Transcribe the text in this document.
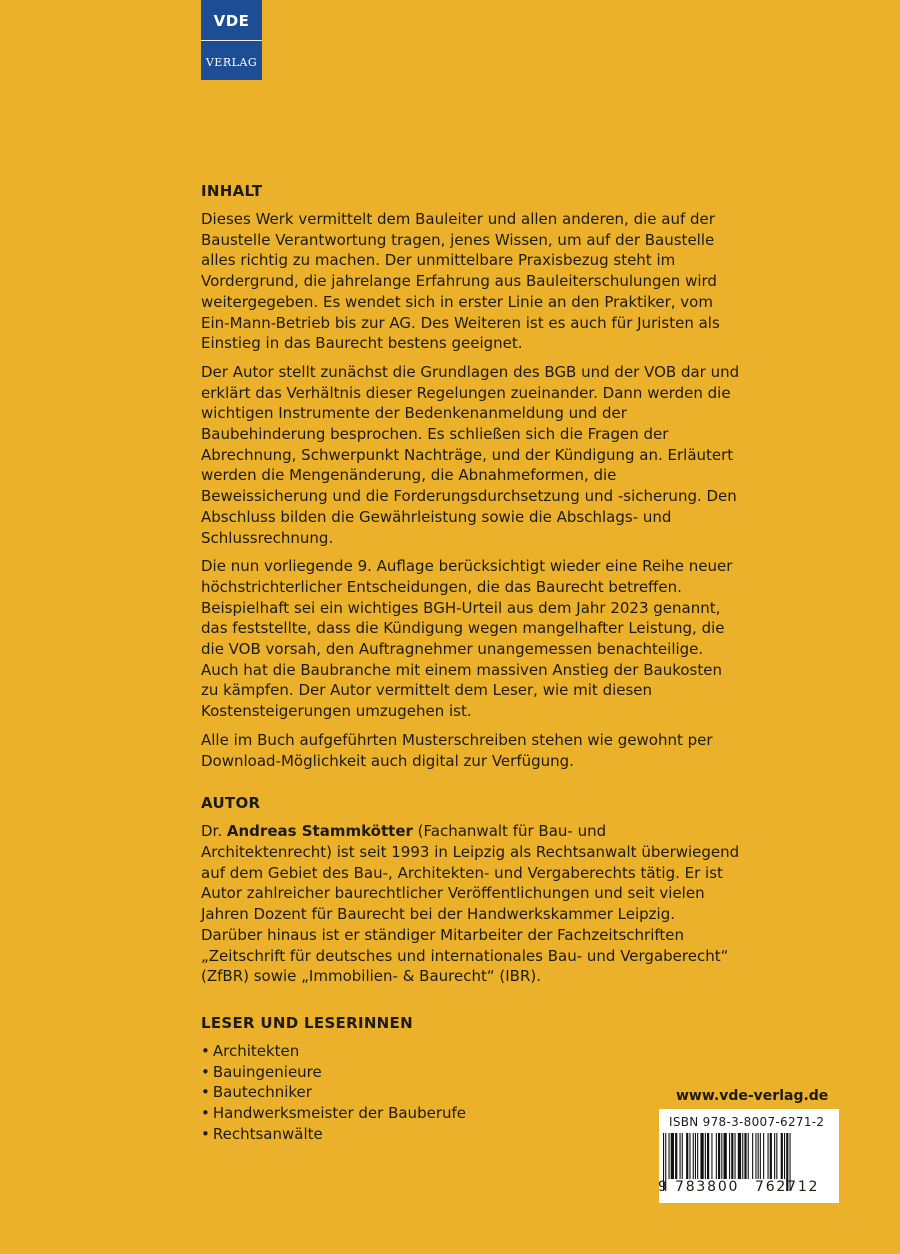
VDE
VERLAG
INHALT

Dieses Werk vermittelt dem Bauleiter und allen anderen, die auf der Baustelle Verantwortung tragen, jenes Wissen, um auf der Baustelle alles richtig zu machen. Der unmittelbare Praxisbezug steht im Vordergrund, die jahrelange Erfahrung aus Bauleiterschulungen wird weitergegeben. Es wendet sich in erster Linie an den Praktiker, vom Ein-Mann-Betrieb bis zur AG. Des Weiteren ist es auch für Juristen als Einstieg in das Baurecht bestens geeignet.

Der Autor stellt zunächst die Grundlagen des BGB und der VOB dar und erklärt das Verhältnis dieser Regelungen zueinander. Dann werden die wichtigen Instrumente der Bedenkenanmeldung und der Baubehinderung besprochen. Es schließen sich die Fragen der Abrechnung, Schwerpunkt Nachträge, und der Kündigung an. Erläutert werden die Mengenänderung, die Abnahmeformen, die Beweissicherung und die Forderungsdurchsetzung und -sicherung. Den Abschluss bilden die Gewährleistung sowie die Abschlags- und Schlussrechnung.

Die nun vorliegende 9. Auflage berücksichtigt wieder eine Reihe neuer höchstrichterlicher Entscheidungen, die das Baurecht betreffen. Beispielhaft sei ein wichtiges BGH-Urteil aus dem Jahr 2023 genannt, das feststellte, dass die Kündigung wegen mangelhafter Leistung, die die VOB vorsah, den Auftragnehmer unangemessen benachteilige. Auch hat die Baubranche mit einem massiven Anstieg der Baukosten zu kämpfen. Der Autor vermittelt dem Leser, wie mit diesen Kostensteigerungen umzugehen ist.

Alle im Buch aufgeführten Musterschreiben stehen wie gewohnt per Download-Möglichkeit auch digital zur Verfügung.

AUTOR

Dr. Andreas Stammkötter (Fachanwalt für Bau- und Architektenrecht) ist seit 1993 in Leipzig als Rechtsanwalt überwiegend auf dem Gebiet des Bau-, Architekten- und Vergaberechts tätig. Er ist Autor zahlreicher baurechtlicher Veröffentlichungen und seit vielen Jahren Dozent für Baurecht bei der Handwerkskammer Leipzig. Darüber hinaus ist er ständiger Mitarbeiter der Fachzeitschriften „Zeitschrift für deutsches und internationales Bau- und Vergaberecht“ (ZfBR) sowie „Immobilien- & Baurecht“ (IBR).

LESER UND LESERINNEN
• Architekten
• Bauingenieure
• Bautechniker
• Handwerksmeister der Bauberufe
• Rechtsanwälte
www.vde-verlag.de
ISBN 978-3-8007-6271-2
9 783800 762712
